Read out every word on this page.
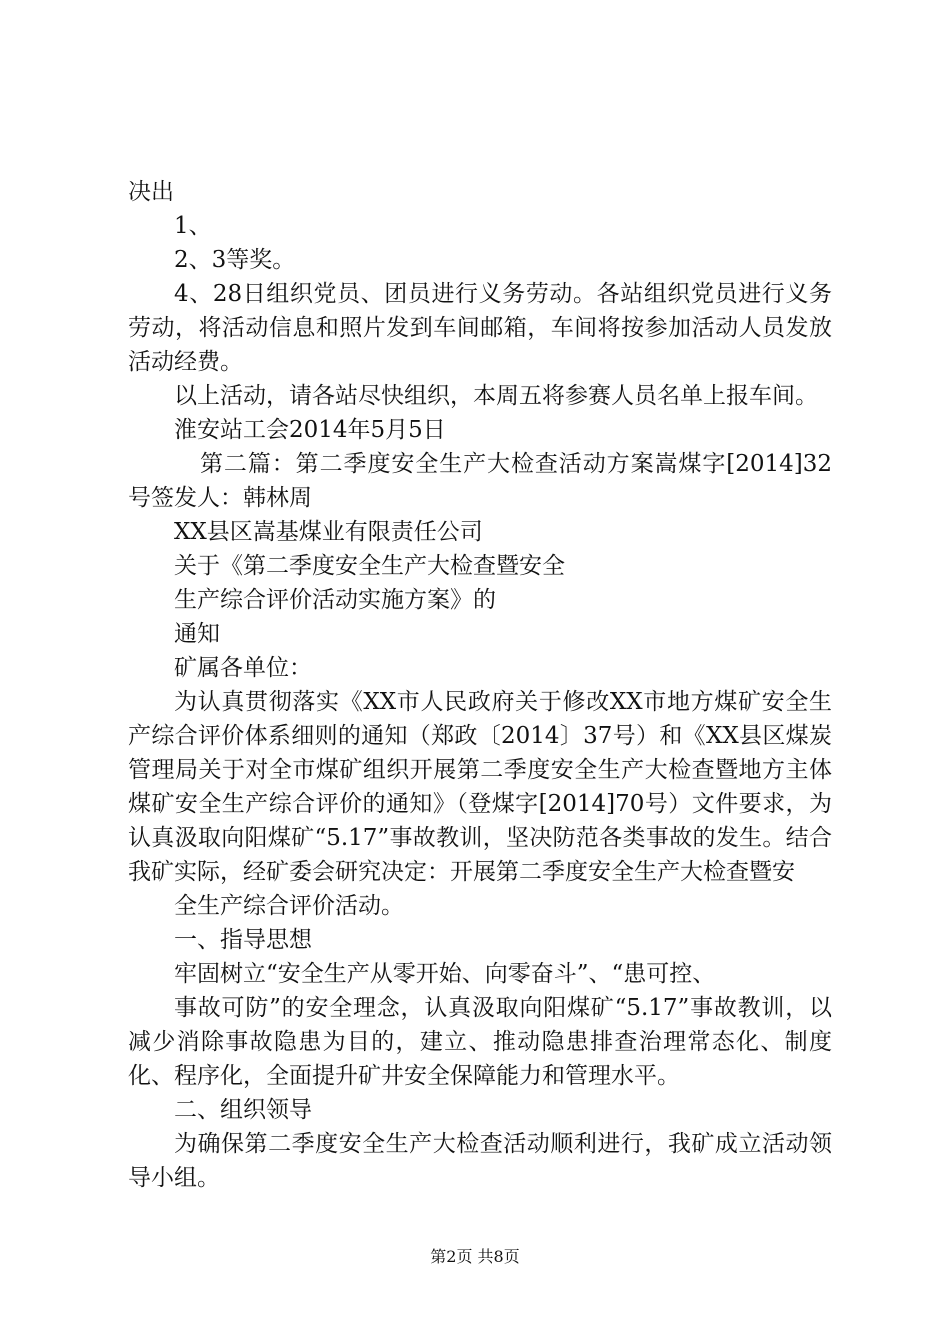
决出

1、

2、3等奖。

4、28日组织党员、团员进行义务劳动。各站组织党员进行义务劳动，将活动信息和照片发到车间邮箱，车间将按参加活动人员发放活动经费。

以上活动，请各站尽快组织，本周五将参赛人员名单上报车间。

淮安站工会2014年5月5日

第二篇：第二季度安全生产大检查活动方案嵩煤字[2014]32号签发人：韩林周

XX县区嵩基煤业有限责任公司

关于《第二季度安全生产大检查暨安全

生产综合评价活动实施方案》的

通知

矿属各单位：

为认真贯彻落实《XX市人民政府关于修改XX市地方煤矿安全生产综合评价体系细则的通知（郑政〔2014〕37号）和《XX县区煤炭管理局关于对全市煤矿组织开展第二季度安全生产大检查暨地方主体煤矿安全生产综合评价的通知》（登煤字[2014]70号）文件要求，为认真汲取向阳煤矿“5.17”事故教训，坚决防范各类事故的发生。结合我矿实际，经矿委会研究决定：开展第二季度安全生产大检查暨安

全生产综合评价活动。

一、指导思想

牢固树立“安全生产从零开始、向零奋斗”、“患可控、

事故可防”的安全理念，认真汲取向阳煤矿“5.17”事故教训，以减少消除事故隐患为目的，建立、推动隐患排查治理常态化、制度化、程序化，全面提升矿井安全保障能力和管理水平。

二、组织领导

为确保第二季度安全生产大检查活动顺利进行，我矿成立活动领导小组。

第2页 共8页
